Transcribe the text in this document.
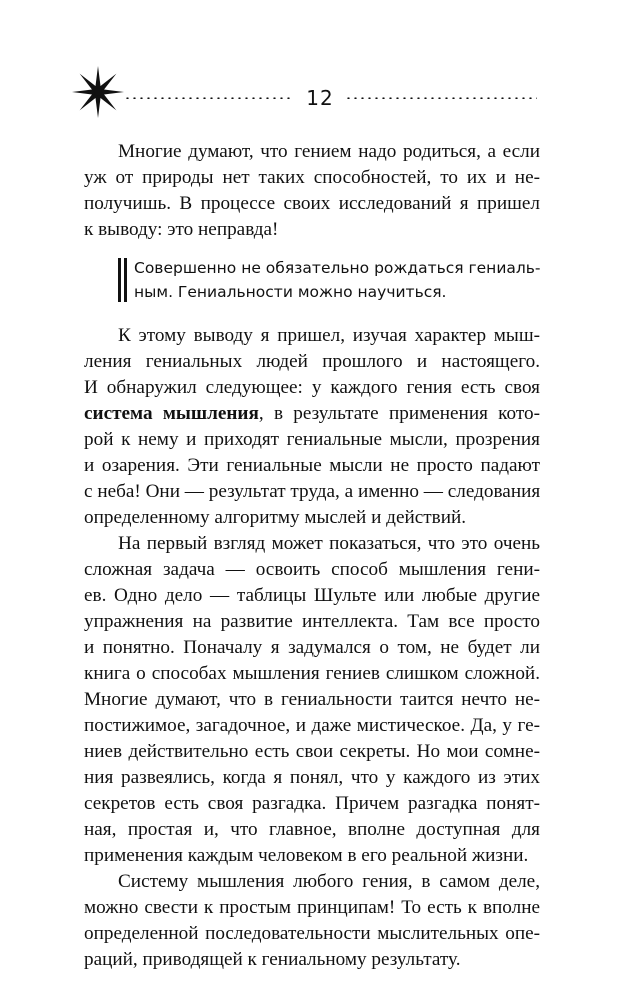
12
Многие думают, что гением надо родиться, а если
уж от природы нет таких способностей, то их и не-
получишь. В процессе своих исследований я пришел
к выводу: это неправда!
Совершенно не обязательно рождаться гениаль-
ным. Гениальности можно научиться.
К этому выводу я пришел, изучая характер мыш-
ления гениальных людей прошлого и настоящего.
И обнаружил следующее: у каждого гения есть своя
система мышления, в результате применения кото-
рой к нему и приходят гениальные мысли, прозрения
и озарения. Эти гениальные мысли не просто падают
с неба! Они — результат труда, а именно — следования
определенному алгоритму мыслей и действий.
На первый взгляд может показаться, что это очень
сложная задача — освоить способ мышления гени-
ев. Одно дело — таблицы Шульте или любые другие
упражнения на развитие интеллекта. Там все просто
и понятно. Поначалу я задумался о том, не будет ли
книга о способах мышления гениев слишком сложной.
Многие думают, что в гениальности таится нечто не-
постижимое, загадочное, и даже мистическое. Да, у ге-
ниев действительно есть свои секреты. Но мои сомне-
ния развеялись, когда я понял, что у каждого из этих
секретов есть своя разгадка. Причем разгадка понят-
ная, простая и, что главное, вполне доступная для
применения каждым человеком в его реальной жизни.
Систему мышления любого гения, в самом деле,
можно свести к простым принципам! То есть к вполне
определенной последовательности мыслительных опе-
раций, приводящей к гениальному результату.
